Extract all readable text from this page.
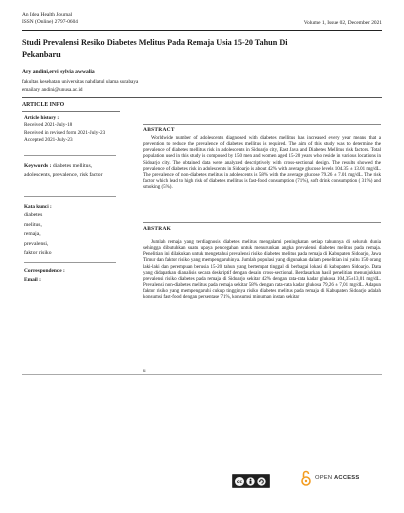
An Idea Health Journal
ISSN (Online) 2797-0604	Volume 1, Issue 02, December 2021
Studi Prevalensi Resiko Diabetes Melitus Pada Remaja Usia 15-20 Tahun Di
Pekanbaru
Ary andini,ervi sylvia awwalia
fakultas kesehatan universitas nahdlatul ulama surabaya
emailary andini@unusa.ac.id
ARTICLE INFO
Article history :
Received 2021-July-18
Received in revised form 2021-July-23
Accepted 2021-July-23
Keywords : diabetes mellitus, adolescents, prevalence, risk factor
Kata kunci :
diabetes
melitus,
remaja,
prevalensi,
faktor risiko
Correspondence :
Email :
ABSTRACT

Worldwide number of adolescents diagnosed with diabetes mellitus has increased every year means that a prevention to reduce the prevalence of diabetes mellitus is required. The aim of this study was to determine the prevalence of diabetes mellitus risk in adolescents in Sidoarjo city, East Java and Diabetes Mellitus risk factors. Total population used in this study is composed by 150 men and women aged 15-20 years who reside in various locations in Sidoarjo city. The obtained data were analyzed descriptively with cross-sectional design. The results showed the prevalence of diabetes risk in adolescents in Sidoarjo is about 42% with average glucose levels 104.35 ± 13.01 mg/dL. The prevalence of non-diabetes melitus in adolescents is 58% with the average glucose 79.26 ± 7.01 mg/dL. The risk factor which lead to high risk of diabetes mellitus is fast-food consumption (71%), soft drink consumption ( 31%) and smoking (5%).

ABSTRAK

Jumlah remaja yang terdiagnosis diabetes melitus mengalami peningkatan setiap tahunnya di seluruh dunia sehingga dibutuhkan suatu upaya pencegahan untuk menurunkan angka prevalensi diabetes melitus pada remaja. Penelitian ini dilakukan untuk mengetahui prevalensi risiko diabetes melitus pada remaja di Kabupaten Sidoarjo, Jawa Timur dan faktor risiko yang mempengaruhinya. Jumlah populasi yang digunakan dalam penelitian ini yaitu 150 orang laki-laki dan perempuan berusia 15-20 tahun yang bertempat tinggal di berbagai lokasi di kabupaten Sidoarjo. Data yang didapatkan dianalisis secara deskriptif dengan desain cross-sectional. Berdasarkan hasil penelitian menunjukkan prevalensi risiko diabetes pada remaja di Sidoarjo sekitar 42% dengan rata-rata kadar glukosa 104,35±13,01 mg/dL. Prevalensi non-diabetes melitus pada remaja sekitar 58% dengan rata-rata kadar glukosa 79,26 ± 7,01 mg/dL. Adapun faktor risiko yang mempengaruhi cukup tingginya risiko diabetes melitus pada remaja di Kabupaten Sidoarjo adalah konsumsi fast-food dengan persentase 71%, konsumsi minuman instan sekitar

u
cc	OPEN ACCESS
